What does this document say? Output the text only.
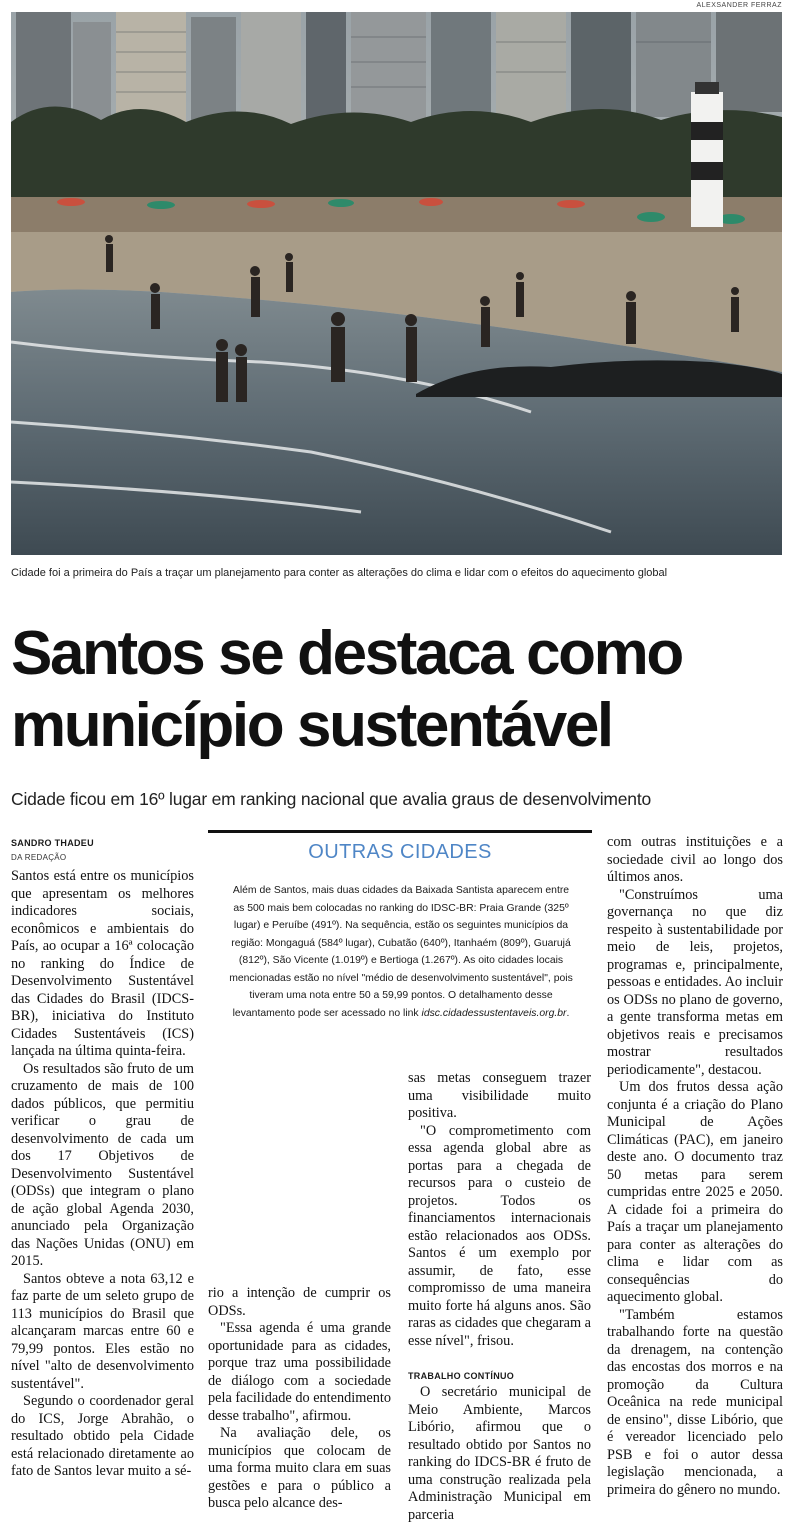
ALEXSANDER FERRAZ
Cidade foi a primeira do País a traçar um planejamento para conter as alterações do clima e lidar com o efeitos do aquecimento global
Santos se destaca como
município sustentável
Cidade ficou em 16º lugar em ranking nacional que avalia graus de desenvolvimento
SANDRO THADEU
DA REDAÇÃO

Santos está entre os municípios que apresentam os melhores indicadores sociais, econômicos e ambientais do País, ao ocupar a 16ª colocação no ranking do Índice de Desenvolvimento Sustentável das Cidades do Brasil (IDCS-BR), iniciativa do Instituto Cidades Sustentáveis (ICS) lançada na última quinta-feira.

Os resultados são fruto de um cruzamento de mais de 100 dados públicos, que permitiu verificar o grau de desenvolvimento de cada um dos 17 Objetivos de Desenvolvimento Sustentável (ODSs) que integram o plano de ação global Agenda 2030, anunciado pela Organização das Nações Unidas (ONU) em 2015.

Santos obteve a nota 63,12 e faz parte de um seleto grupo de 113 municípios do Brasil que alcançaram marcas entre 60 e 79,99 pontos. Eles estão no nível "alto de desenvolvimento sustentável".

Segundo o coordenador geral do ICS, Jorge Abrahão, o resultado obtido pela Cidade está relacionado diretamente ao fato de Santos levar muito a sé-

OUTRAS CIDADES
Além de Santos, mais duas cidades da Baixada Santista aparecem entre as 500 mais bem colocadas no ranking do IDSC-BR: Praia Grande (325º lugar) e Peruíbe (491º). Na sequência, estão os seguintes municípios da região: Mongaguá (584º lugar), Cubatão (640º), Itanhaém (809º), Guarujá (812º), São Vicente (1.019º) e Bertioga (1.267º). As oito cidades locais mencionadas estão no nível "médio de desenvolvimento sustentável", pois tiveram uma nota entre 50 a 59,99 pontos. O detalhamento desse levantamento pode ser acessado no link idsc.cidadessustentaveis.org.br.

rio a intenção de cumprir os ODSs.

"Essa agenda é uma grande oportunidade para as cidades, porque traz uma possibilidade de diálogo com a sociedade pela facilidade do entendimento desse trabalho", afirmou.

Na avaliação dele, os municípios que colocam de uma forma muito clara em suas gestões e para o público a busca pelo alcance des-

sas metas conseguem trazer uma visibilidade muito positiva.

"O comprometimento com essa agenda global abre as portas para a chegada de recursos para o custeio de projetos. Todos os financiamentos internacionais estão relacionados aos ODSs. Santos é um exemplo por assumir, de fato, esse compromisso de uma maneira muito forte há alguns anos. São raras as cidades que chegaram a esse nível", frisou.

TRABALHO CONTÍNUO

O secretário municipal de Meio Ambiente, Marcos Libório, afirmou que o resultado obtido por Santos no ranking do IDCS-BR é fruto de uma construção realizada pela Administração Municipal em parceria

com outras instituições e a sociedade civil ao longo dos últimos anos.

"Construímos uma governança no que diz respeito à sustentabilidade por meio de leis, projetos, programas e, principalmente, pessoas e entidades. Ao incluir os ODSs no plano de governo, a gente transforma metas em objetivos reais e precisamos mostrar resultados periodicamente", destacou.

Um dos frutos dessa ação conjunta é a criação do Plano Municipal de Ações Climáticas (PAC), em janeiro deste ano. O documento traz 50 metas para serem cumpridas entre 2025 e 2050. A cidade foi a primeira do País a traçar um planejamento para conter as alterações do clima e lidar com as consequências do aquecimento global.

"Também estamos trabalhando forte na questão da drenagem, na contenção das encostas dos morros e na promoção da Cultura Oceânica na rede municipal de ensino", disse Libório, que é vereador licenciado pelo PSB e foi o autor dessa legislação mencionada, a primeira do gênero no mundo.
